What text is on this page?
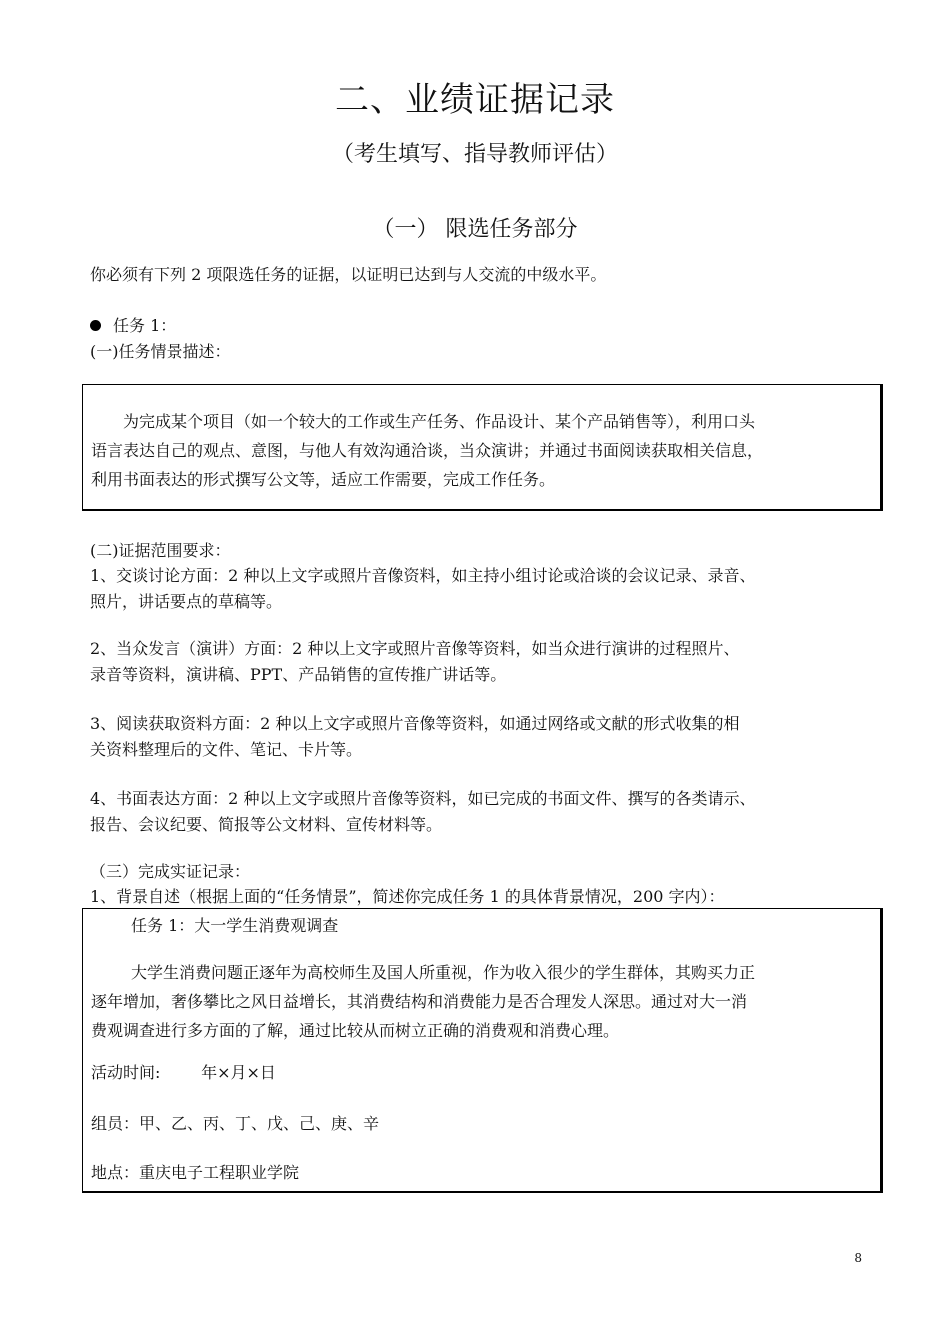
二、业绩证据记录
（考生填写、指导教师评估）
（一） 限选任务部分
你必须有下列 2 项限选任务的证据，以证明已达到与人交流的中级水平。
任务 1：
(一)任务情景描述：

为完成某个项目（如一个较大的工作或生产任务、作品设计、某个产品销售等），利用口头

语言表达自己的观点、意图，与他人有效沟通洽谈，当众演讲；并通过书面阅读获取相关信息，

利用书面表达的形式撰写公文等，适应工作需要，完成工作任务。

(二)证据范围要求：
1、交谈讨论方面：2 种以上文字或照片音像资料，如主持小组讨论或洽谈的会议记录、录音、
照片，讲话要点的草稿等。
2、当众发言（演讲）方面：2 种以上文字或照片音像等资料，如当众进行演讲的过程照片、
录音等资料，演讲稿、PPT、产品销售的宣传推广讲话等。
3、阅读获取资料方面：2 种以上文字或照片音像等资料，如通过网络或文献的形式收集的相
关资料整理后的文件、笔记、卡片等。
4、书面表达方面：2 种以上文字或照片音像等资料，如已完成的书面文件、撰写的各类请示、
报告、会议纪要、简报等公文材料、宣传材料等。
（三）完成实证记录：
1、背景自述（根据上面的“任务情景”，简述你完成任务 1 的具体背景情况，200 字内）：
任务 1：大一学生消费观调查

大学生消费问题正逐年为高校师生及国人所重视，作为收入很少的学生群体，其购买力正

逐年增加，奢侈攀比之风日益增长，其消费结构和消费能力是否合理发人深思。通过对大一消

费观调查进行多方面的了解，通过比较从而树立正确的消费观和消费心理。

活动时间:        年×月×日
组员：甲、乙、丙、丁、戊、己、庚、辛
地点：重庆电子工程职业学院
8
